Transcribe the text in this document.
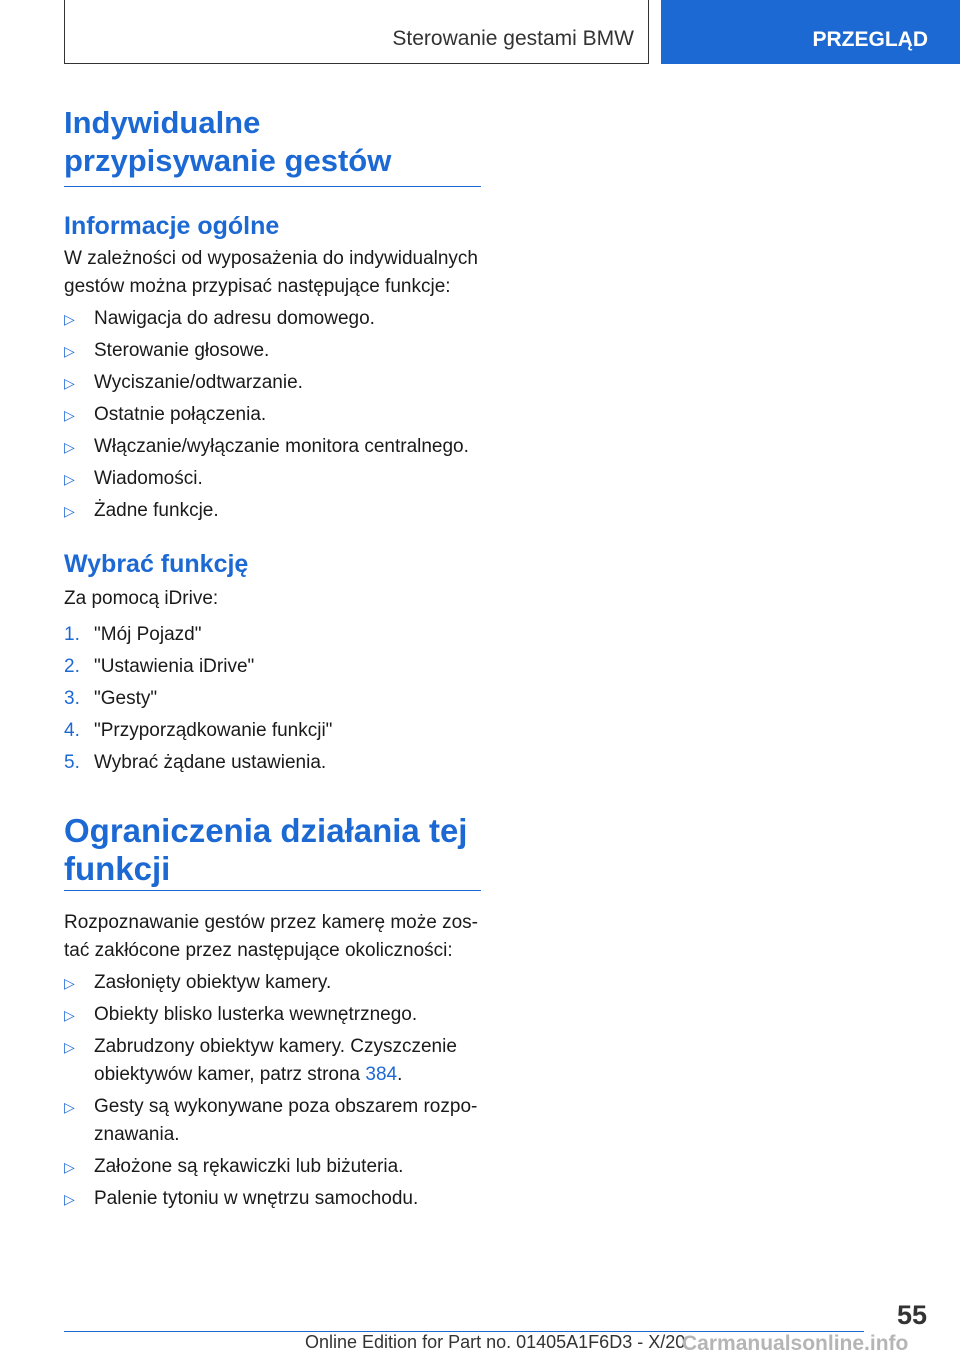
Sterowanie gestami BMW	PRZEGLĄD
Indywidualne
przypisywanie gestów
Informacje ogólne

W zależności od wyposażenia do indywidualnych
gestów można przypisać następujące funkcje:

▷ Nawigacja do adresu domowego.
▷ Sterowanie głosowe.
▷ Wyciszanie/odtwarzanie.
▷ Ostatnie połączenia.
▷ Włączanie/wyłączanie monitora centralnego.
▷ Wiadomości.
▷ Żadne funkcje.
Wybrać funkcję

Za pomocą iDrive:

1. "Mój Pojazd"
2. "Ustawienia iDrive"
3. "Gesty"
4. "Przyporządkowanie funkcji"
5. Wybrać żądane ustawienia.
Ograniczenia działania tej
funkcji

Rozpoznawanie gestów przez kamerę może zos-
tać zakłócone przez następujące okoliczności:

▷ Zasłonięty obiektyw kamery.
▷ Obiekty blisko lusterka wewnętrznego.
▷ Zabrudzony obiektyw kamery. Czyszczenie
obiektywów kamer, patrz strona 384.
▷ Gesty są wykonywane poza obszarem rozpo-
znawania.
▷ Założone są rękawiczki lub biżuteria.
▷ Palenie tytoniu w wnętrzu samochodu.
55
Online Edition for Part no. 01405A1F6D3 - X/20
Carmanualsonline.info
